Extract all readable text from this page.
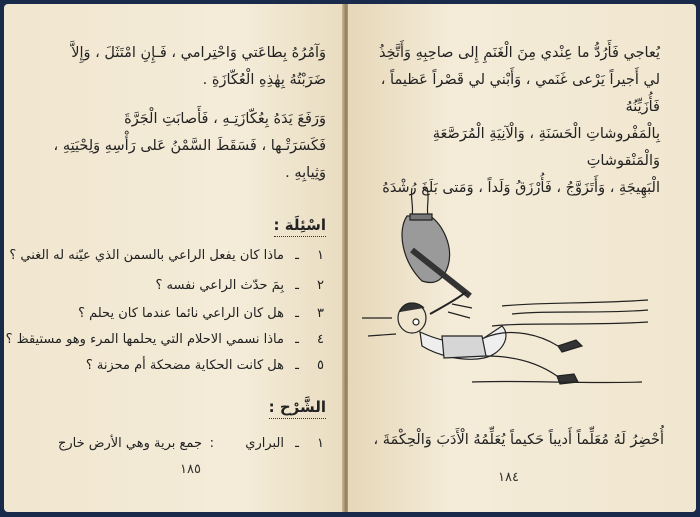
وَآمُرُهُ بِطاعَتي وَاحْتِرامي ، فَـإِنِ امْتَثَلَ ، وَإِلاَّ
ضَرَبْتُهُ بِهٰذِهِ الْعُكّازَةِ .
وَرَفَعَ يَدَهُ بِعُكّازَتِـهِ ، فَأَصابَتِ الْجَرَّةَ
فَكَسَرَتْـها ، فَسَقَطَ السَّمْنُ عَلى رَأْسِهِ وَلِحْيَتِهِ ،
وَثِيابِهِ .
اسْئِلَة :
١
ـ
ماذا كان يفعل الراعي بالسمن الذي عيّنه له الغني ؟
٢
ـ
بِمَ حدّث الراعي نفسه ؟
٣
ـ
هل كان الراعي نائما عندما كان يحلم ؟
٤
ـ
ماذا نسمي الاحلام التي يحلمها المرء وهو مستيقظ ؟
٥
ـ
هل كانت الحكاية مضحكة أم محزنة ؟
الشَّرْح :
١
ـ
البراري
:
جمع برية وهي الأرض خارج
١٨٥
يُعاجي فَأَرُدُّ ما عِنْدي مِنَ الْغَنَمِ إِلى صاحِبِهِ وَأَتَّخِذُ
لي أَجيراً يَرْعى غَنَمي ، وَأَبْني لي قَصْراً عَظيماً ، فَأُزَيِّنُهُ
بِالْمَفْروشاتِ الْحَسَنَةِ ، وَالْآنِيَةِ الْمُرَصَّعَةِ وَالْمَنْقوشاتِ
الْبَهِيجَةِ ، وَأَتَزَوَّجُ ، فَأُرْزَقُ وَلَداً ، وَمَتى بَلَغَ رُشْدَهُ
أُحْضِرُ لَهُ مُعَلِّماً أَديباً حَكيماً يُعَلِّمُهُ الْأَدَبَ وَالْحِكْمَةَ ،
١٨٤
